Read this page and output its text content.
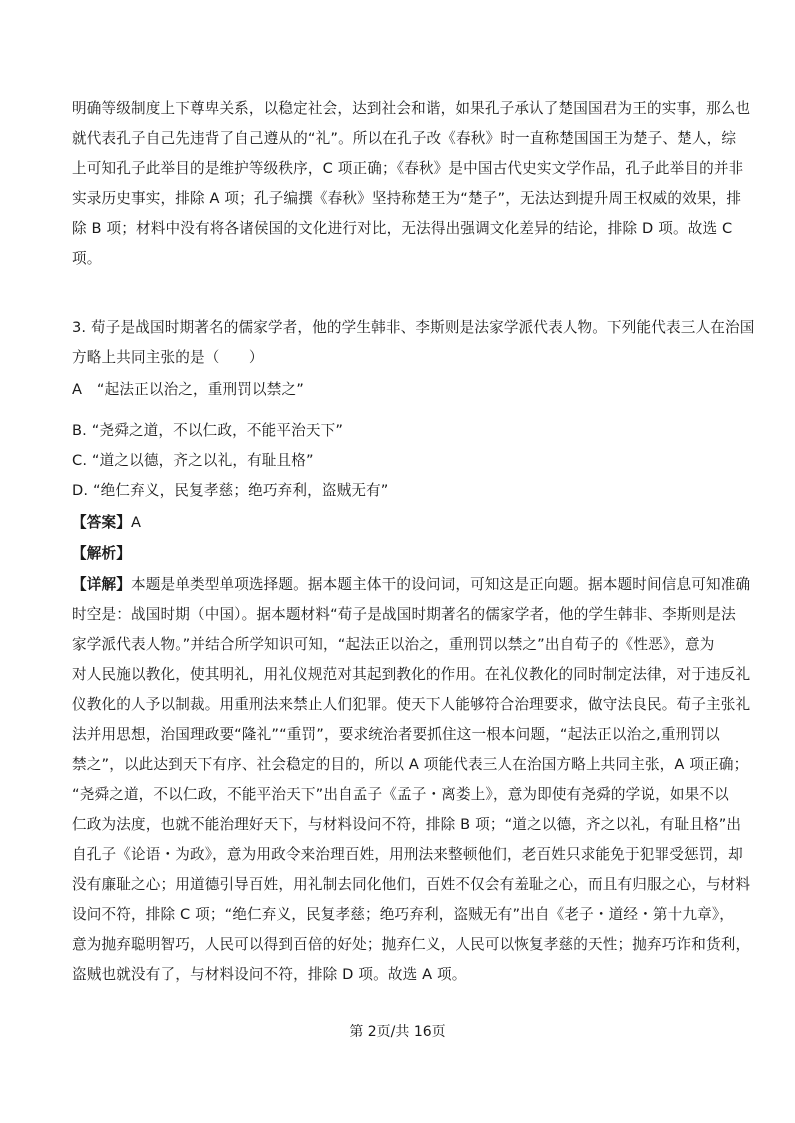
明确等级制度上下尊卑关系，以稳定社会，达到社会和谐，如果孔子承认了楚国国君为王的实事，那么也
就代表孔子自己先违背了自己遵从的“礼”。所以在孔子改《春秋》时一直称楚国国王为楚子、楚人，综
上可知孔子此举目的是维护等级秩序，C 项正确；《春秋》是中国古代史实文学作品，孔子此举目的并非
实录历史事实，排除 A 项；孔子编撰《春秋》坚持称楚王为“楚子”，无法达到提升周王权威的效果，排
除 B 项；材料中没有将各诸侯国的文化进行对比，无法得出强调文化差异的结论，排除 D 项。故选 C
项。
3. 荀子是战国时期著名的儒家学者，他的学生韩非、李斯则是法家学派代表人物。下列能代表三人在治国
方略上共同主张的是（　　）
A　“起法正以治之，重刑罚以禁之”
B. “尧舜之道，不以仁政，不能平治天下”
C. “道之以德，齐之以礼，有耻且格”
D. “绝仁弃义，民复孝慈；绝巧弃利，盗贼无有”
【答案】A
【解析】
【详解】本题是单类型单项选择题。据本题主体干的设问词，可知这是正向题。据本题时间信息可知准确
时空是：战国时期（中国）。据本题材料“荀子是战国时期著名的儒家学者，他的学生韩非、李斯则是法
家学派代表人物。”并结合所学知识可知，“起法正以治之，重刑罚以禁之”出自荀子的《性恶》，意为
对人民施以教化，使其明礼，用礼仪规范对其起到教化的作用。在礼仪教化的同时制定法律，对于违反礼
仪教化的人予以制裁。用重刑法来禁止人们犯罪。使天下人能够符合治理要求，做守法良民。荀子主张礼
法并用思想，治国理政要“隆礼”“重罚”，要求统治者要抓住这一根本问题，“起法正以治之,重刑罚以
禁之”，以此达到天下有序、社会稳定的目的，所以 A 项能代表三人在治国方略上共同主张，A 项正确；
“尧舜之道，不以仁政，不能平治天下”出自孟子《孟子・离娄上》，意为即使有尧舜的学说，如果不以
仁政为法度，也就不能治理好天下，与材料设问不符，排除 B 项；“道之以德，齐之以礼，有耻且格”出
自孔子《论语・为政》，意为用政令来治理百姓，用刑法来整顿他们，老百姓只求能免于犯罪受惩罚，却
没有廉耻之心；用道德引导百姓，用礼制去同化他们，百姓不仅会有羞耻之心，而且有归服之心，与材料
设问不符，排除 C 项；“绝仁弃义，民复孝慈；绝巧弃利，盗贼无有”出自《老子・道经・第十九章》，
意为抛弃聪明智巧，人民可以得到百倍的好处；抛弃仁义，人民可以恢复孝慈的天性；抛弃巧诈和货利，
盗贼也就没有了，与材料设问不符，排除 D 项。故选 A 项。
第 2页/共 16页
